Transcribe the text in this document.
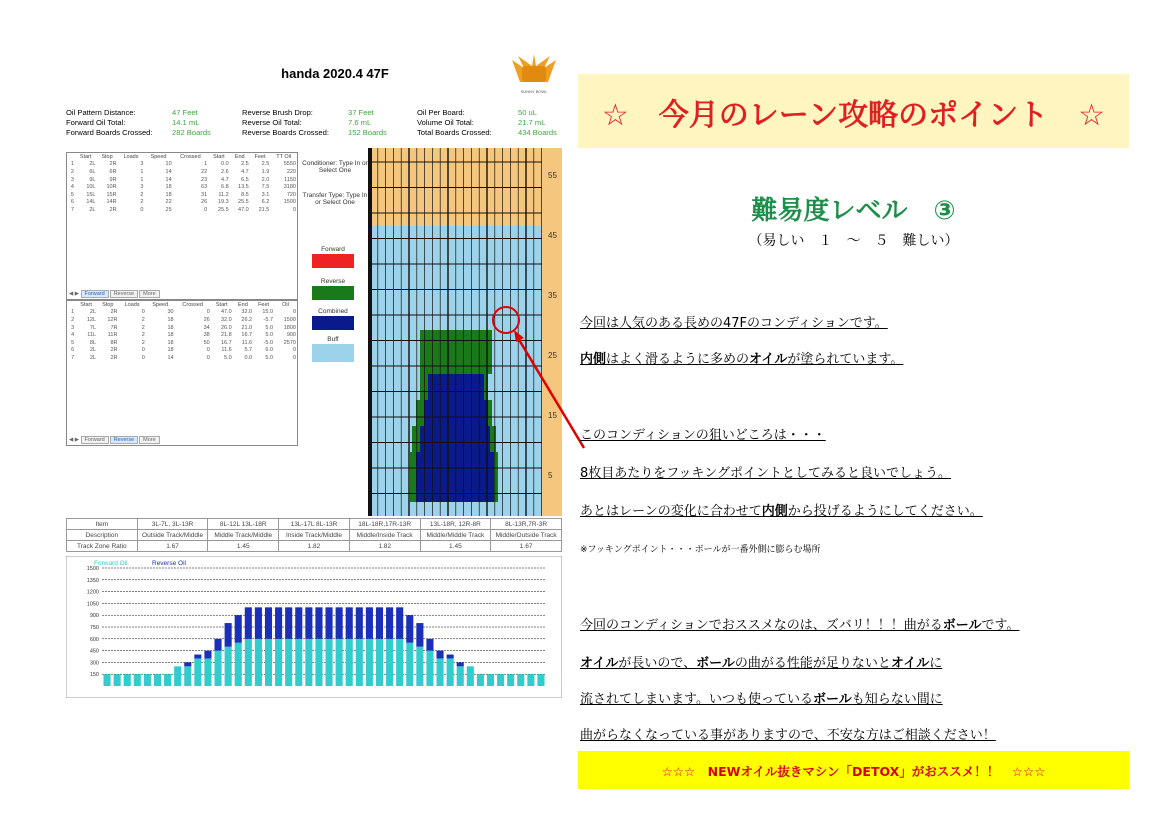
handa 2020.4 47F
SUNNY BOWL
Oil Pattern Distance:	47 Feet	Reverse Brush Drop:	37 Feet	Oil Per Board:	50 uL
Forward Oil Total:	14.1 mL	Reverse Oil Total:	7.6 mL	Volume Oil Total:	21.7 mL
Forward Boards Crossed:	282 Boards	Reverse Boards Crossed:	152 Boards	Total Boards Crossed:	434 Boards
	Start	Stop	Loads	Speed	Crossed	Start	End	Feet	TT Oil
1	2L	2R	3	10	1	0.0	2.5	2.5	5550
2	6L	6R	1	14	22	2.6	4.7	1.9	220
3	9L	9R	1	14	23	4.7	6.5	2.0	1150
4	10L	10R	3	18	63	6.8	13.5	7.5	3180
5	15L	15R	2	18	31	11.2	8.5	3.1	720
6	14L	14R	2	22	26	19.3	25.5	6.2	1500
7	2L	2R	0	25	0	25.5	47.0	21.5	0
◀ ▶ Forward Reverse More
	Start	Stop	Loads	Speed	Crossed	Start	End	Feet	Oil
1	2L	2R	0	30	0	47.0	32.0	15.0	0
2	12L	12R	2	18	26	32.0	26.2	-5.7	1500
3	7L	7R	2	18	34	26.0	21.0	5.0	1800
4	11L	11R	2	18	38	21.8	16.7	5.0	900
5	8L	8R	2	18	50	16.7	11.6	-5.0	2570
6	2L	2R	0	18	0	11.6	5.7	6.0	0
7	2L	2R	0	14	0	5.0	0.0	5.0	0
◀ ▶ Forward Reverse More
Conditioner: Type In or Select One
Transfer Type: Type In or Select One
Forward
Reverse
Combined
Buff
55
45
35
25
15
5
Item	3L-7L, 3L-13R	8L-12L 13L-18R	13L-17L 8L-13R	18L-18R,17R-13R	13L-18R, 12R-8R	8L-13R,7R-3R
Description	Outside Track/Middle	Middle Track/Middle	Inside Track/Middle	Middle/Inside Track	Middle/Middle Track	Middle/Outside Track
Track Zone Ratio	1.67	1.45	1.82	1.82	1.45	1.67
150
300
450
600
750
900
1050
1200
1350
1500
Forward Oil	Reverse Oil
☆　今月のレーン攻略のポイント　☆
難易度レベル　③
（易しい　１　～　５　難しい）
今回は人気のある長めの47Fのコンディションです。
内側はよく滑るように多めのオイルが塗られています。
このコンディションの狙いどころは・・・
8枚目あたりをフッキングポイントとしてみると良いでしょう。
あとはレーンの変化に合わせて内側から投げるようにしてください。
※フッキングポイント・・・ボールが一番外側に膨らむ場所
今回のコンディションでおススメなのは、ズバリ！！！曲がるボールです。
オイルが長いので、ボールの曲がる性能が足りないとオイルに
流されてしまいます。いつも使っているボールも知らない間に
曲がらなくなっている事がありますので、不安な方はご相談ください！
☆☆☆　NEWオイル抜きマシン「DETOX」がおススメ！！　☆☆☆
